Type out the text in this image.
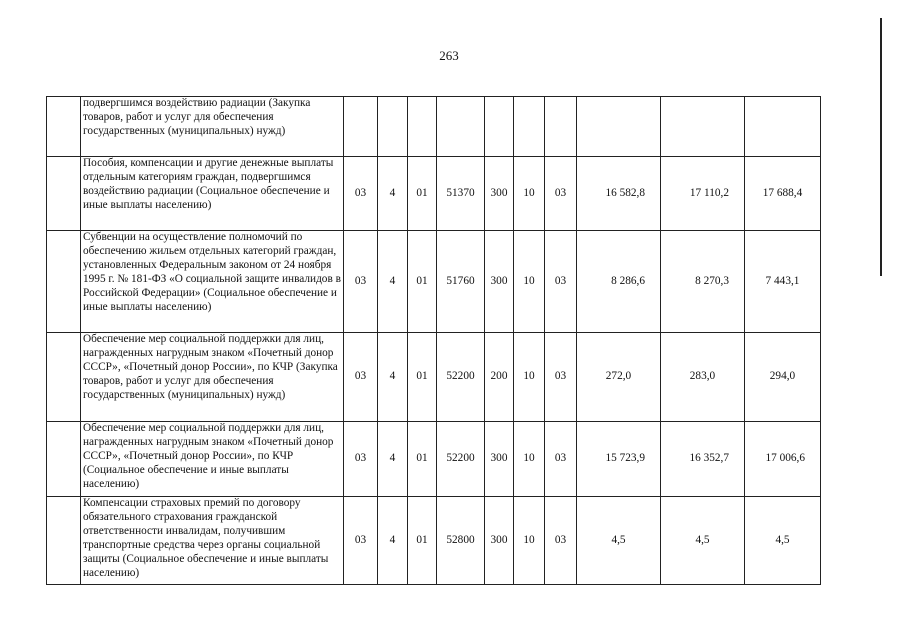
263
	подвергшимся воздействию радиации (Закупка товаров, работ и услуг для обеспечения государственных (муниципальных) нужд)										
	Пособия, компенсации и другие денежные выплаты отдельным категориям граждан, подвергшимся воздействию радиации (Социальное обеспечение и иные выплаты населению)	03	4	01	51370	300	10	03	16 582,8	17 110,2	17 688,4
	Субвенции на осуществление полномочий по обеспечению жильем отдельных категорий граждан, установленных Федеральным законом от 24 ноября 1995 г. № 181-ФЗ «О социальной защите инвалидов в Российской Федерации» (Социальное обеспечение и иные выплаты населению)	03	4	01	51760	300	10	03	8 286,6	8 270,3	7 443,1
	Обеспечение мер социальной поддержки для лиц, награжденных нагрудным знаком «Почетный донор СССР», «Почетный донор России», по КЧР (Закупка товаров, работ и услуг для обеспечения государственных (муниципальных) нужд)	03	4	01	52200	200	10	03	272,0	283,0	294,0
	Обеспечение мер социальной поддержки для лиц, награжденных нагрудным знаком «Почетный донор СССР», «Почетный донор России», по КЧР (Социальное обеспечение и иные выплаты населению)	03	4	01	52200	300	10	03	15 723,9	16 352,7	17 006,6
	Компенсации страховых премий по договору обязательного страхования гражданской ответственности инвалидам, получившим транспортные средства через органы социальной защиты (Социальное обеспечение и иные выплаты населению)	03	4	01	52800	300	10	03	4,5	4,5	4,5
